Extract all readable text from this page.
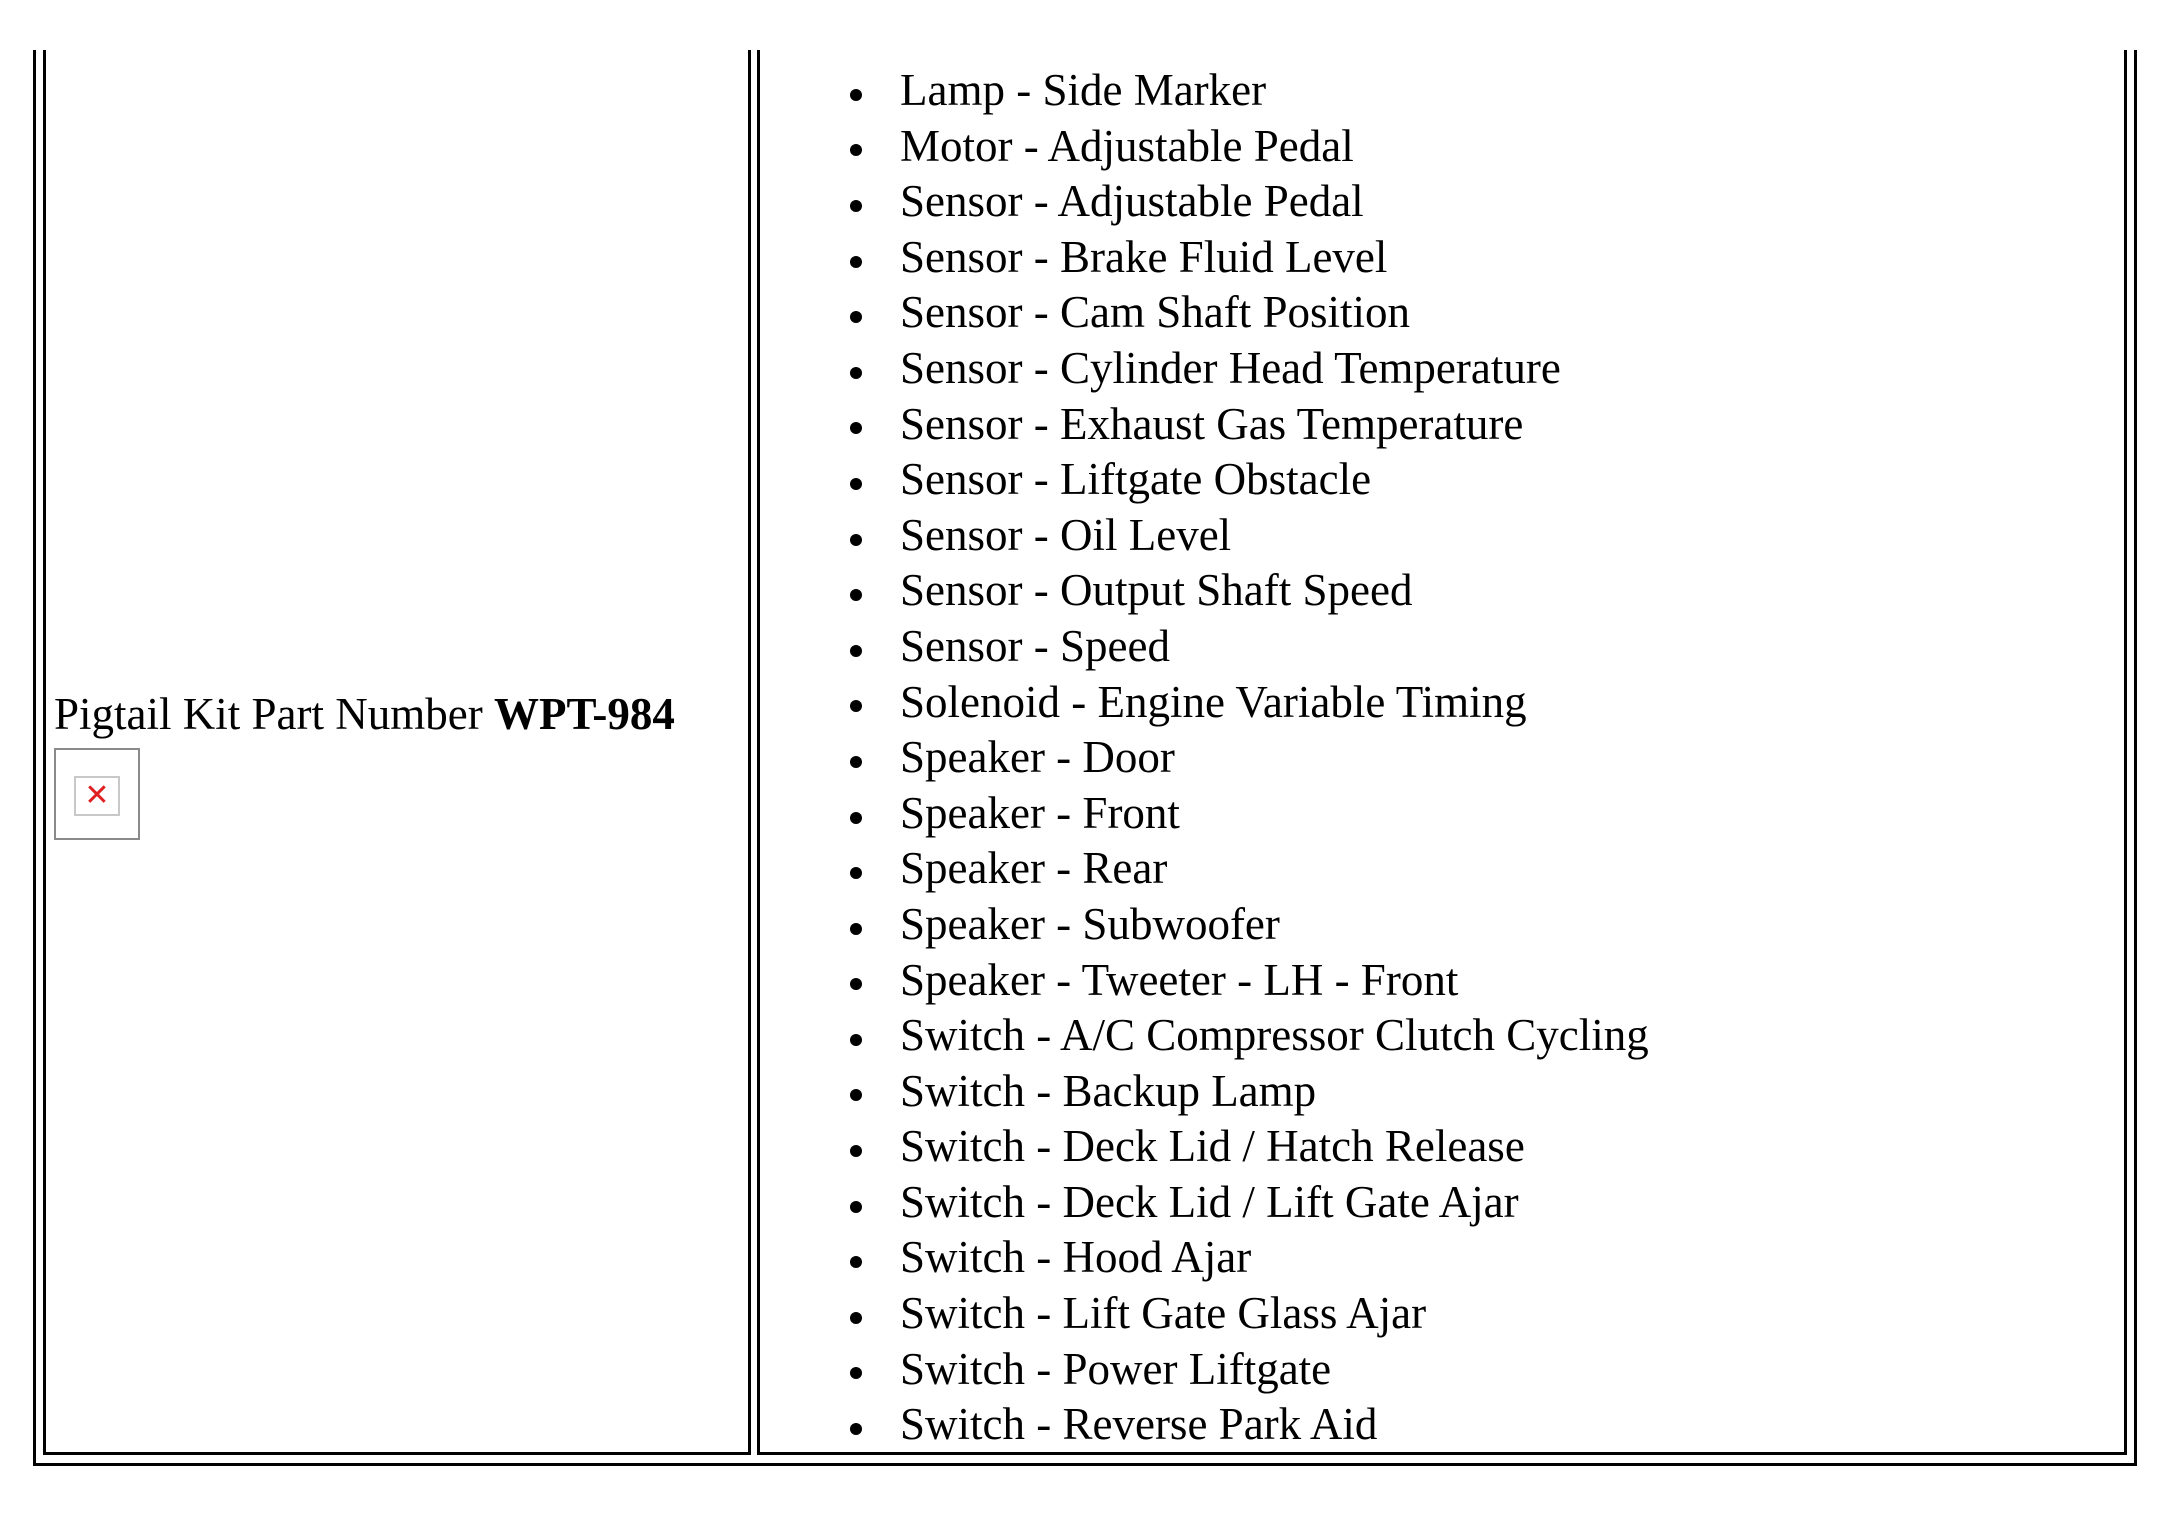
Pigtail Kit Part Number WPT-984
✕
Lamp - Side Marker
Motor - Adjustable Pedal
Sensor - Adjustable Pedal
Sensor - Brake Fluid Level
Sensor - Cam Shaft Position
Sensor - Cylinder Head Temperature
Sensor - Exhaust Gas Temperature
Sensor - Liftgate Obstacle
Sensor - Oil Level
Sensor - Output Shaft Speed
Sensor - Speed
Solenoid - Engine Variable Timing
Speaker - Door
Speaker - Front
Speaker - Rear
Speaker - Subwoofer
Speaker - Tweeter - LH - Front
Switch - A/C Compressor Clutch Cycling
Switch - Backup Lamp
Switch - Deck Lid / Hatch Release
Switch - Deck Lid / Lift Gate Ajar
Switch - Hood Ajar
Switch - Lift Gate Glass Ajar
Switch - Power Liftgate
Switch - Reverse Park Aid
